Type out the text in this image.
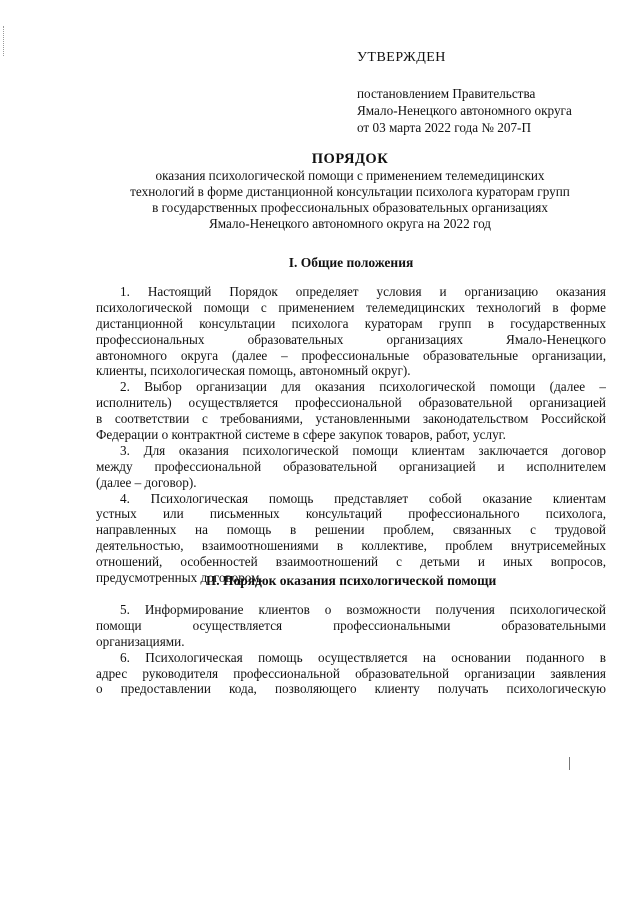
УТВЕРЖДЕН
постановлением Правительства
Ямало-Ненецкого автономного округа
от 03 марта 2022 года № 207-П
ПОРЯДОК
оказания психологической помощи с применением телемедицинских
технологий в форме дистанционной консультации психолога кураторам групп
в государственных профессиональных образовательных организациях
Ямало-Ненецкого автономного округа на 2022 год
I. Общие положения
1. Настоящий Порядок определяет условия и организацию оказания
психологической помощи с применением телемедицинских технологий в форме
дистанционной консультации психолога кураторам групп в государственных
профессиональных образовательных организациях Ямало-Ненецкого
автономного округа (далее – профессиональные образовательные организации,
клиенты, психологическая помощь, автономный округ).
2. Выбор организации для оказания психологической помощи (далее –
исполнитель) осуществляется профессиональной образовательной организацией
в соответствии с требованиями, установленными законодательством Российской
Федерации о контрактной системе в сфере закупок товаров, работ, услуг.
3. Для оказания психологической помощи клиентам заключается договор
между профессиональной образовательной организацией и исполнителем
(далее – договор).
4. Психологическая помощь представляет собой оказание клиентам
устных или письменных консультаций профессионального психолога,
направленных на помощь в решении проблем, связанных с трудовой
деятельностью, взаимоотношениями в коллективе, проблем внутрисемейных
отношений, особенностей взаимоотношений с детьми и иных вопросов,
предусмотренных договором.
II. Порядок оказания психологической помощи
5. Информирование клиентов о возможности получения психологической
помощи осуществляется профессиональными образовательными
организациями.
6. Психологическая помощь осуществляется на основании поданного в
адрес руководителя профессиональной образовательной организации заявления
о предоставлении кода, позволяющего клиенту получать психологическую
